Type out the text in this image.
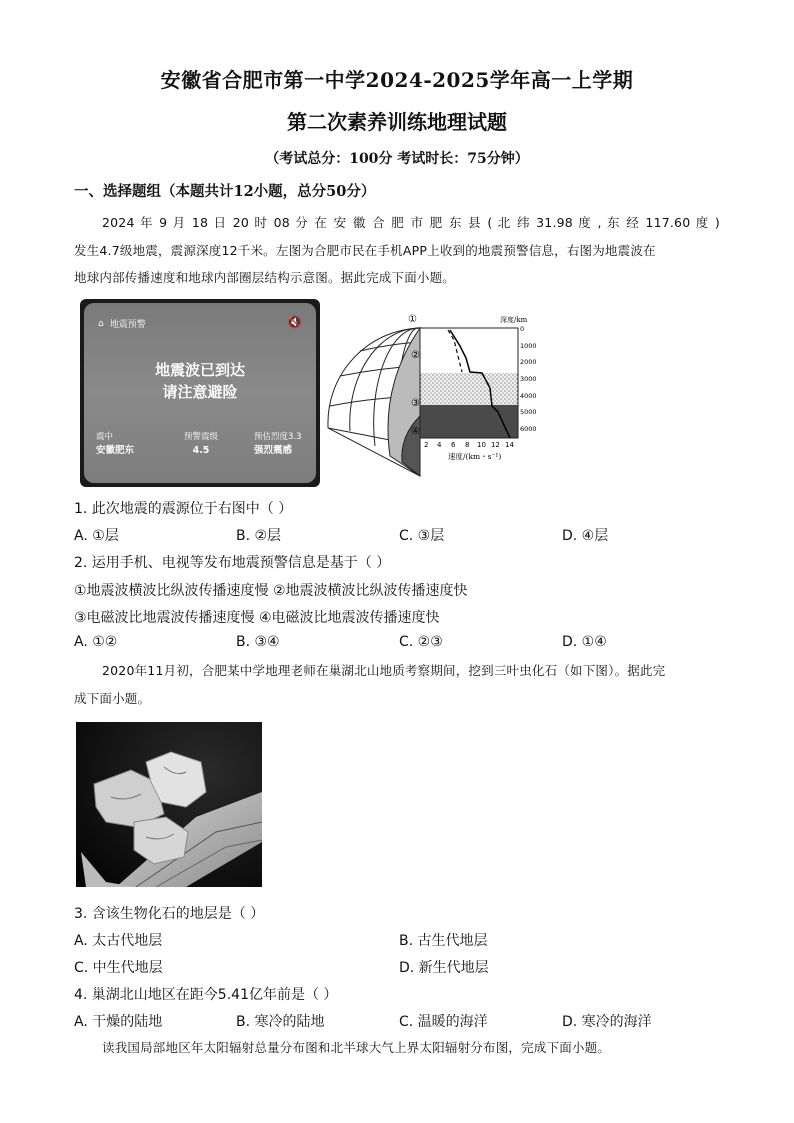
安徽省合肥市第一中学2024-2025学年高一上学期
第二次素养训练地理试题
（考试总分：100分 考试时长：75分钟）
一、选择题组（本题共计12小题，总分50分）
2024 年 9 月 18 日 20 时 08 分 在 安 徽 合 肥 市 肥 东 县 ( 北 纬 31.98 度 , 东 经 117.60 度 )
发生4.7级地震，震源深度12千米。左图为合肥市民在手机APP上收到的地震预警信息，右图为地震波在
地球内部传播速度和地球内部圈层结构示意图。据此完成下面小题。
⌂ 地震预警	🔇
地震波已到达
请注意避险
震中
安徽肥东
预警震级
4.5
预估烈度3.3
强烈震感
①
②
③
④
深度/km
0
1000
2000
3000
4000
5000
6000
2 4 6 8 10 12 14
速度/(km・s⁻¹)
1. 此次地震的震源位于右图中（ ）
A. ①层	B. ②层	C. ③层	D. ④层
2. 运用手机、电视等发布地震预警信息是基于（ ）
①地震波横波比纵波传播速度慢 ②地震波横波比纵波传播速度快
③电磁波比地震波传播速度慢 ④电磁波比地震波传播速度快
A. ①②	B. ③④	C. ②③	D. ①④
2020年11月初，合肥某中学地理老师在巢湖北山地质考察期间，挖到三叶虫化石（如下图）。据此完
成下面小题。
3. 含该生物化石的地层是（ ）
A. 太古代地层	B. 古生代地层
C. 中生代地层	D. 新生代地层
4. 巢湖北山地区在距今5.41亿年前是（ ）
A. 干燥的陆地	B. 寒冷的陆地	C. 温暖的海洋	D. 寒冷的海洋
读我国局部地区年太阳辐射总量分布图和北半球大气上界太阳辐射分布图，完成下面小题。
